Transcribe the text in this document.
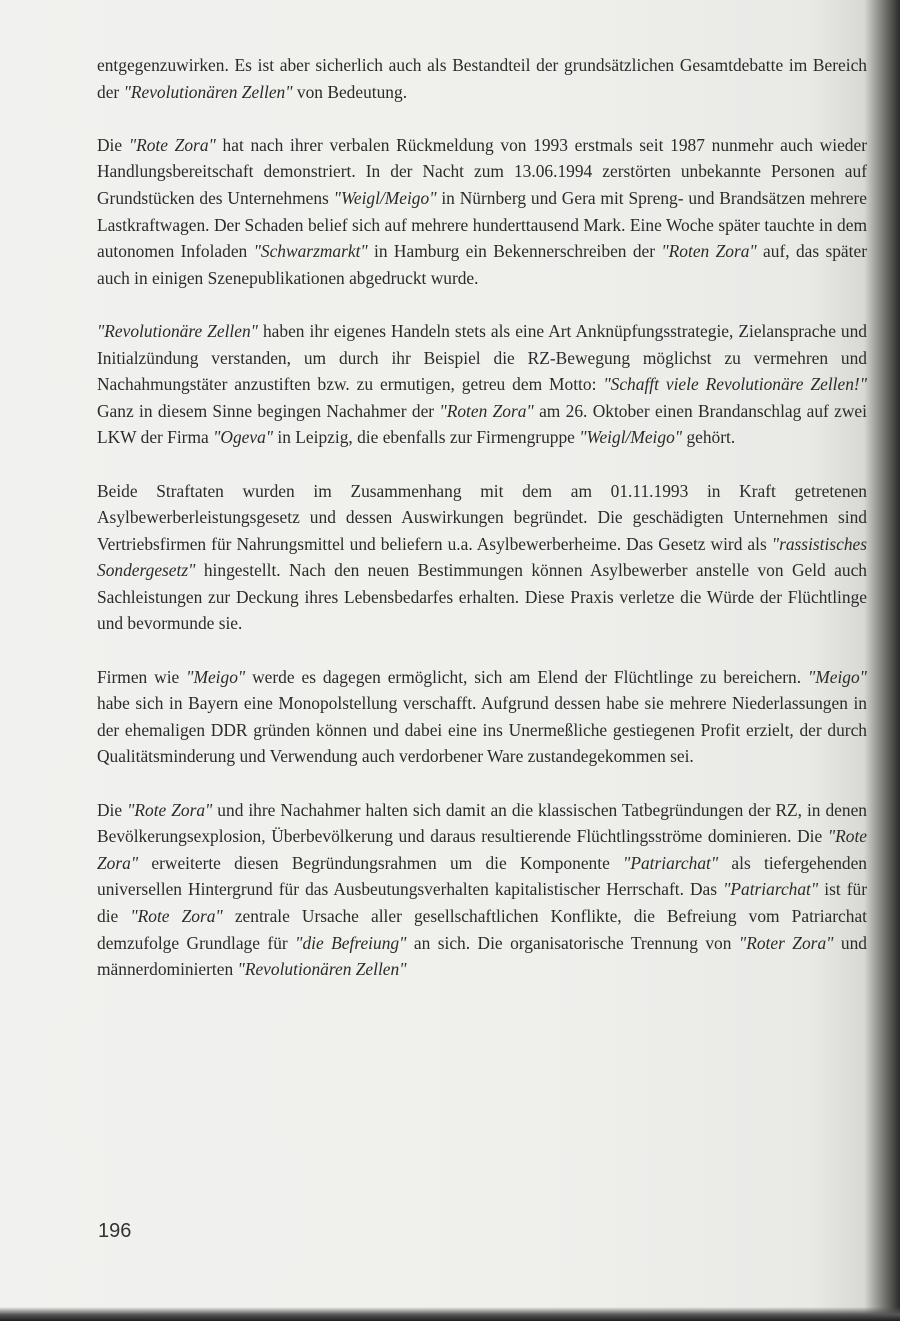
entgegenzuwirken. Es ist aber sicherlich auch als Bestandteil der grundsätzlichen Gesamtdebatte im Bereich der "Revolutionären Zellen" von Bedeutung.

Die "Rote Zora" hat nach ihrer verbalen Rückmeldung von 1993 erstmals seit 1987 nunmehr auch wieder Handlungsbereitschaft demonstriert. In der Nacht zum 13.06.1994 zerstörten unbekannte Personen auf Grundstücken des Unternehmens "Weigl/Meigo" in Nürnberg und Gera mit Spreng- und Brandsätzen mehrere Lastkraftwagen. Der Schaden belief sich auf mehrere hunderttausend Mark. Eine Woche später tauchte in dem autonomen Infoladen "Schwarzmarkt" in Hamburg ein Bekennerschreiben der "Roten Zora" auf, das später auch in einigen Szenepublikationen abgedruckt wurde.

"Revolutionäre Zellen" haben ihr eigenes Handeln stets als eine Art Anknüpfungsstrategie, Zielansprache und Initialzündung verstanden, um durch ihr Beispiel die RZ-Bewegung möglichst zu vermehren und Nachahmungstäter anzustiften bzw. zu ermutigen, getreu dem Motto: "Schafft viele Revolutionäre Zellen!" Ganz in diesem Sinne begingen Nachahmer der "Roten Zora" am 26. Oktober einen Brandanschlag auf zwei LKW der Firma "Ogeva" in Leipzig, die ebenfalls zur Firmengruppe "Weigl/Meigo" gehört.

Beide Straftaten wurden im Zusammenhang mit dem am 01.11.1993 in Kraft getretenen Asylbewerberleistungsgesetz und dessen Auswirkungen begründet. Die geschädigten Unternehmen sind Vertriebsfirmen für Nahrungsmittel und beliefern u.a. Asylbewerberheime. Das Gesetz wird als "rassistisches Sondergesetz" hingestellt. Nach den neuen Bestimmungen können Asylbewerber anstelle von Geld auch Sachleistungen zur Deckung ihres Lebensbedarfes erhalten. Diese Praxis verletze die Würde der Flüchtlinge und bevormunde sie.

Firmen wie "Meigo" werde es dagegen ermöglicht, sich am Elend der Flüchtlinge zu bereichern. "Meigo" habe sich in Bayern eine Monopolstellung verschafft. Aufgrund dessen habe sie mehrere Niederlassungen in der ehemaligen DDR gründen können und dabei eine ins Unermeßliche gestiegenen Profit erzielt, der durch Qualitätsminderung und Verwendung auch verdorbener Ware zustandegekommen sei.

Die "Rote Zora" und ihre Nachahmer halten sich damit an die klassischen Tatbegründungen der RZ, in denen Bevölkerungsexplosion, Überbevölkerung und daraus resultierende Flüchtlingsströme dominieren. Die "Rote Zora" erweiterte diesen Begründungsrahmen um die Komponente "Patriarchat" als tiefergehenden universellen Hintergrund für das Ausbeutungsverhalten kapitalistischer Herrschaft. Das "Patriarchat" ist für die "Rote Zora" zentrale Ursache aller gesellschaftlichen Konflikte, die Befreiung vom Patriarchat demzufolge Grundlage für "die Befreiung" an sich. Die organisatorische Trennung von "Roter Zora" und männerdominierten "Revolutionären Zellen"

196
